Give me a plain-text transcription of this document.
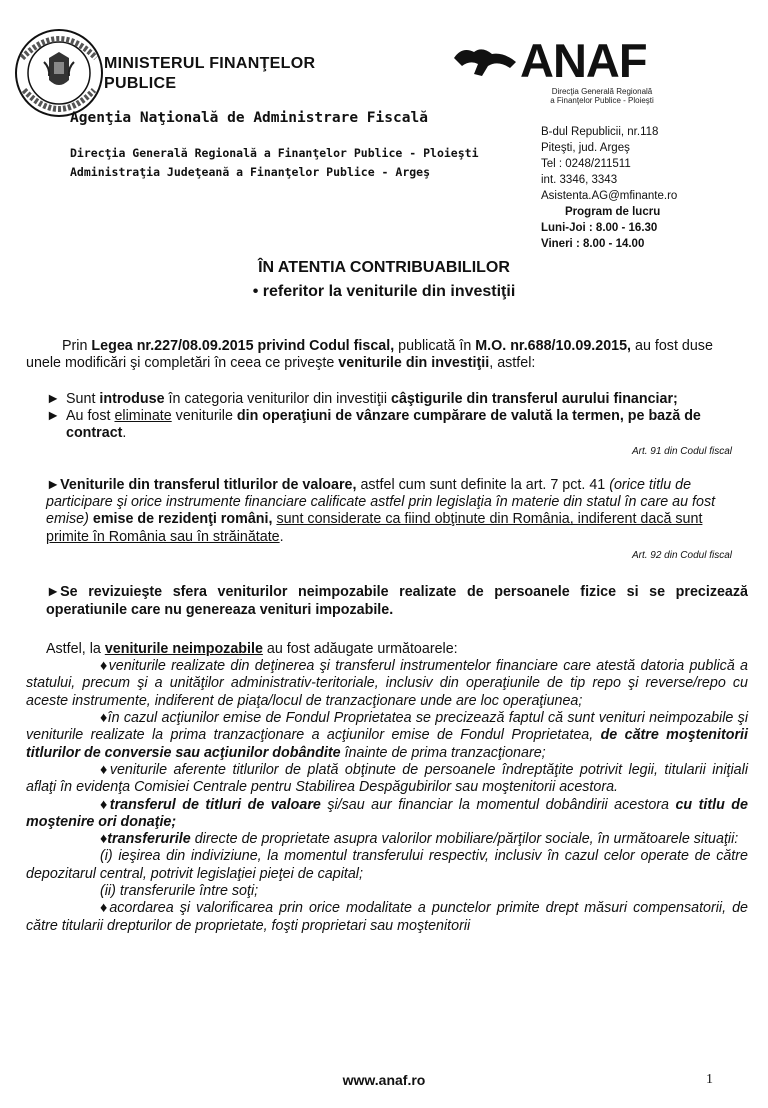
MINISTERUL FINANŢELOR
PUBLICE	ANAF
Direcţia Generală Regională
a Finanţelor Publice - Ploieşti
Agenţia Naţională de Administrare Fiscală
Direcţia Generală Regională a Finanţelor Publice - Ploieşti
Administraţia Judeţeană a Finanţelor Publice - Argeş
B-dul Republicii, nr.118
Piteşti, jud. Argeş
Tel : 0248/211511
int. 3346, 3343
Asistenta.AG@mfinante.ro
Program de lucru
Luni-Joi : 8.00 - 16.30
Vineri : 8.00 - 14.00
ÎN ATENTIA CONTRIBUABILILOR
• referitor la veniturile din investiţii

Prin Legea nr.227/08.09.2015 privind Codul fiscal, publicată în M.O. nr.688/10.09.2015, au fost duse unele modificări şi completări în ceea ce priveşte veniturile din investiţii, astfel:

► Sunt introduse în categoria veniturilor din investiţii câştigurile din transferul aurului financiar;
► Au fost eliminate veniturile din operaţiuni de vânzare cumpărare de valută la termen, pe bază de contract.
Art. 91 din Codul fiscal

►Veniturile din transferul titlurilor de valoare, astfel cum sunt definite la art. 7 pct. 41 (orice titlu de participare şi orice instrumente financiare calificate astfel prin legislaţia în materie din statul în care au fost emise) emise de rezidenţi români, sunt considerate ca fiind obţinute din România, indiferent dacă sunt primite în România sau în străinătate.

Art. 92 din Codul fiscal

►Se revizuieşte sfera veniturilor neimpozabile realizate de persoanele fizice si se precizează operatiunile care nu genereaza venituri impozabile.

Astfel, la veniturile neimpozabile au fost adăugate următoarele:

♦veniturile realizate din deţinerea şi transferul instrumentelor financiare care atestă datoria publică a statului, precum şi a unităţilor administrativ-teritoriale, inclusiv din operaţiunile de tip repo şi reverse/repo cu aceste instrumente, indiferent de piaţa/locul de tranzacţionare unde are loc operaţiunea;

♦în cazul acţiunilor emise de Fondul Proprietatea se precizează faptul că sunt venituri neimpozabile şi veniturile realizate la prima tranzacţionare a acţiunilor emise de Fondul Proprietatea, de către moştenitorii titlurilor de conversie sau acţiunilor dobândite înainte de prima tranzacţionare;

♦veniturile aferente titlurilor de plată obţinute de persoanele îndreptăţite potrivit legii, titularii iniţiali aflaţi în evidenţa Comisiei Centrale pentru Stabilirea Despăgubirilor sau moştenitorii acestora.

♦transferul de titluri de valoare şi/sau aur financiar la momentul dobândirii acestora cu titlu de moştenire ori donaţie;

♦transferurile directe de proprietate asupra valorilor mobiliare/părţilor sociale, în următoarele situaţii:

(i) ieşirea din indiviziune, la momentul transferului respectiv, inclusiv în cazul celor operate de către depozitarul central, potrivit legislaţiei pieţei de capital;

(ii) transferurile între soţi;

♦acordarea şi valorificarea prin orice modalitate a punctelor primite drept măsuri compensatorii, de către titularii drepturilor de proprietate, foşti proprietari sau moştenitorii

www.anaf.ro	1
